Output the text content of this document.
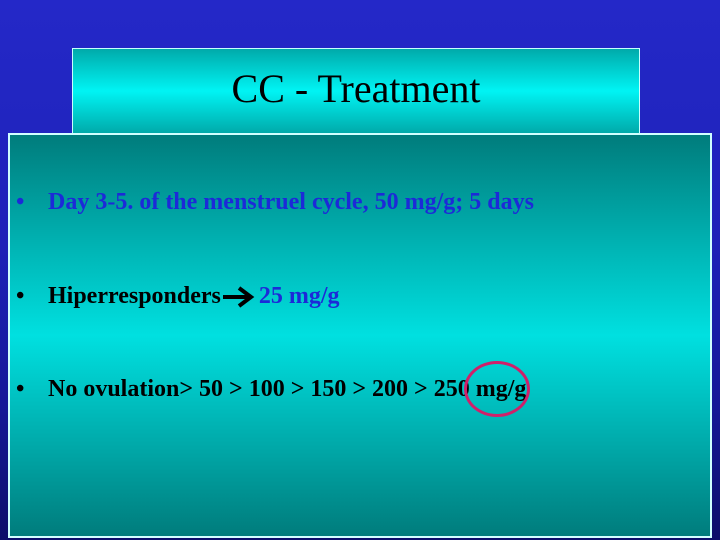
CC - Treatment
• Day 3-5. of the menstruel cycle, 50 mg/g; 5 days
• Hiperresponders 25 mg/g
• No ovulation> 50 > 100 > 150 > 200 > 250 mg/g
